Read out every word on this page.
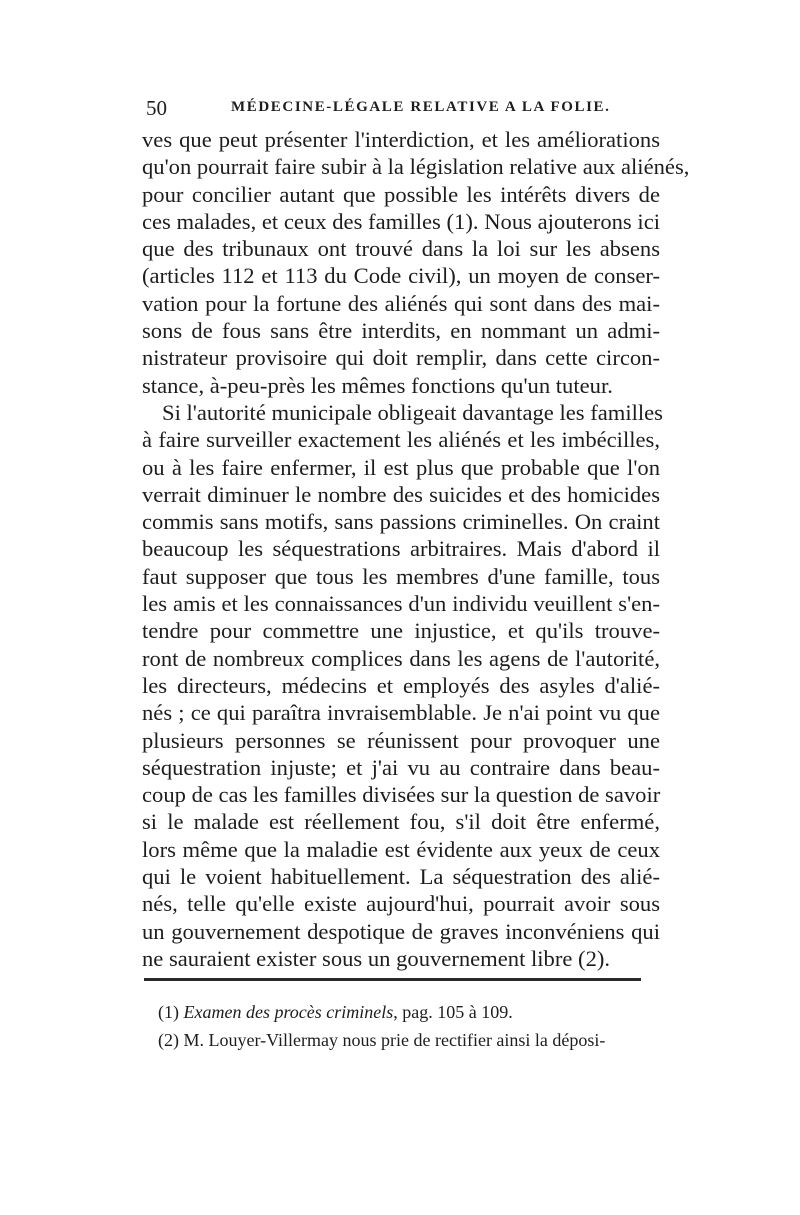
50	MÉDECINE-LÉGALE RELATIVE A LA FOLIE.
ves que peut présenter l'interdiction, et les améliorations
qu'on pourrait faire subir à la législation relative aux aliénés,
pour concilier autant que possible les intérêts divers de
ces malades, et ceux des familles (1). Nous ajouterons ici
que des tribunaux ont trouvé dans la loi sur les absens
(articles 112 et 113 du Code civil), un moyen de conser-
vation pour la fortune des aliénés qui sont dans des mai-
sons de fous sans être interdits, en nommant un admi-
nistrateur provisoire qui doit remplir, dans cette circon-
stance, à-peu-près les mêmes fonctions qu'un tuteur.
Si l'autorité municipale obligeait davantage les familles
à faire surveiller exactement les aliénés et les imbécilles,
ou à les faire enfermer, il est plus que probable que l'on
verrait diminuer le nombre des suicides et des homicides
commis sans motifs, sans passions criminelles. On craint
beaucoup les séquestrations arbitraires. Mais d'abord il
faut supposer que tous les membres d'une famille, tous
les amis et les connaissances d'un individu veuillent s'en-
tendre pour commettre une injustice, et qu'ils trouve-
ront de nombreux complices dans les agens de l'autorité,
les directeurs, médecins et employés des asyles d'alié-
nés ; ce qui paraîtra invraisemblable. Je n'ai point vu que
plusieurs personnes se réunissent pour provoquer une
séquestration injuste; et j'ai vu au contraire dans beau-
coup de cas les familles divisées sur la question de savoir
si le malade est réellement fou, s'il doit être enfermé,
lors même que la maladie est évidente aux yeux de ceux
qui le voient habituellement. La séquestration des alié-
nés, telle qu'elle existe aujourd'hui, pourrait avoir sous
un gouvernement despotique de graves inconvéniens qui
ne sauraient exister sous un gouvernement libre (2).
(1) Examen des procès criminels, pag. 105 à 109.
(2) M. Louyer-Villermay nous prie de rectifier ainsi la déposi-
